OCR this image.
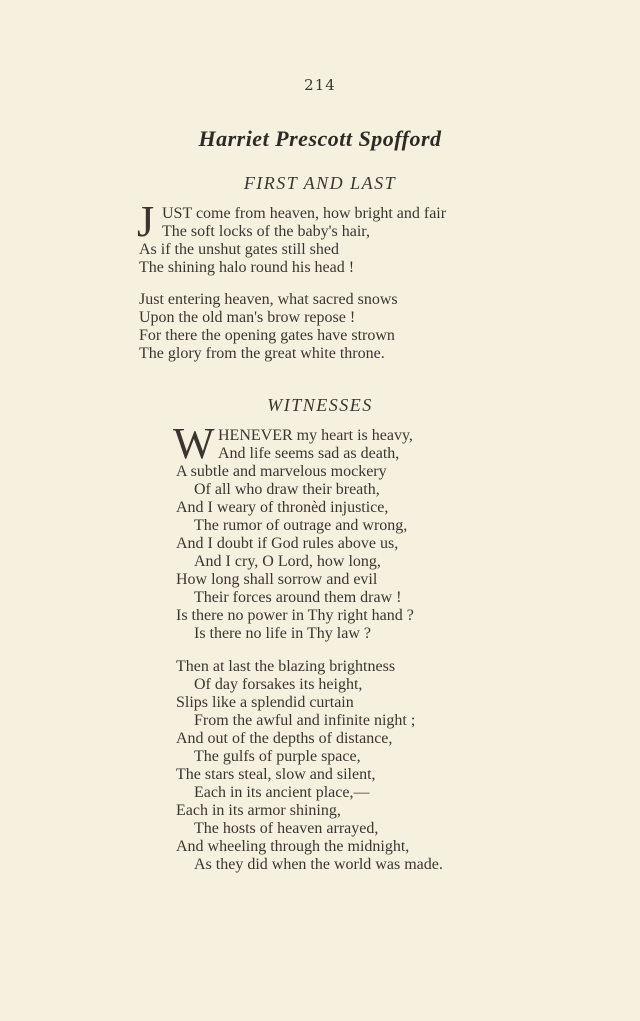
214
Harriet Prescott Spofford
FIRST AND LAST
J UST come from heaven, how bright and fair
The soft locks of the baby's hair,
As if the unshut gates still shed
The shining halo round his head !
Just entering heaven, what sacred snows
Upon the old man's brow repose !
For there the opening gates have strown
The glory from the great white throne.
WITNESSES
W HENEVER my heart is heavy,
And life seems sad as death,
A subtle and marvelous mockery
Of all who draw their breath,
And I weary of thronèd injustice,
The rumor of outrage and wrong,
And I doubt if God rules above us,
And I cry, O Lord, how long,
How long shall sorrow and evil
Their forces around them draw !
Is there no power in Thy right hand ?
Is there no life in Thy law ?
Then at last the blazing brightness
Of day forsakes its height,
Slips like a splendid curtain
From the awful and infinite night ;
And out of the depths of distance,
The gulfs of purple space,
The stars steal, slow and silent,
Each in its ancient place,—
Each in its armor shining,
The hosts of heaven arrayed,
And wheeling through the midnight,
As they did when the world was made.
